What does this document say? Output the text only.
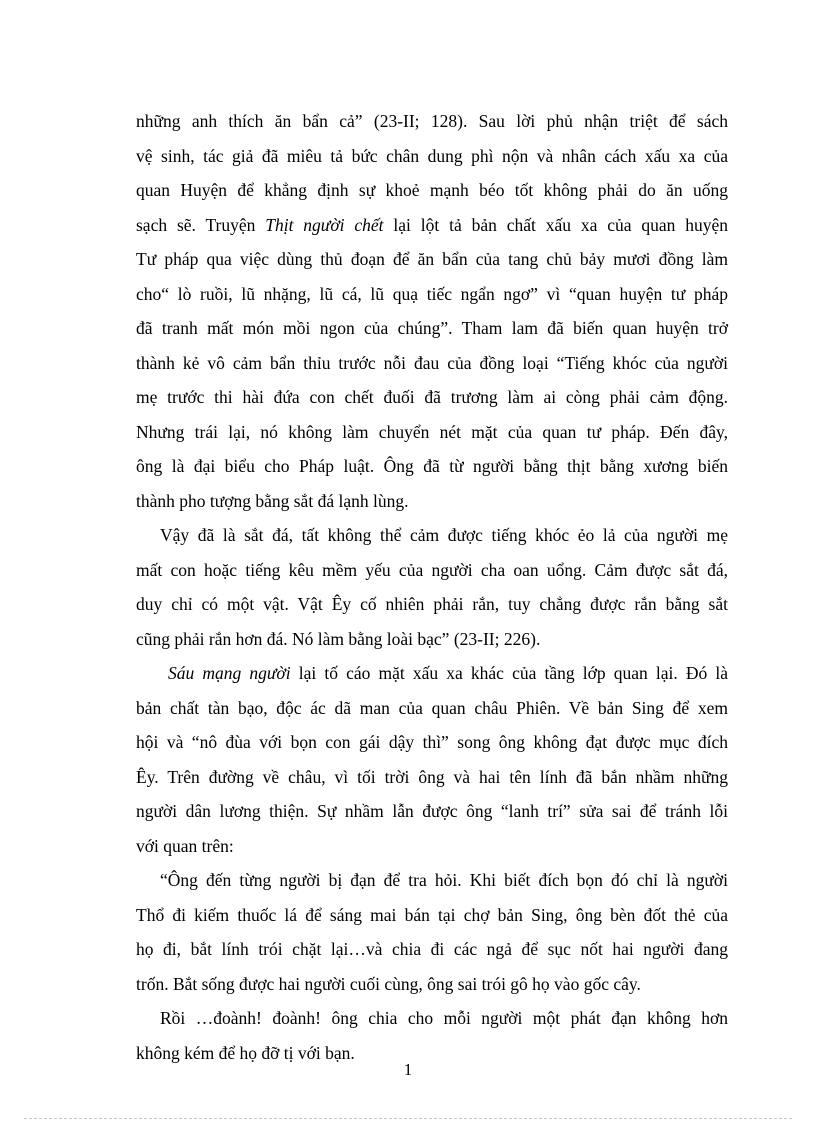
những anh thích ăn bẩn cả” (23-II; 128). Sau lời phủ nhận triệt để sách
vệ sinh, tác giả đã miêu tả bức chân dung phì nộn và nhân cách xấu xa của
quan Huyện để khẳng định sự khoẻ mạnh béo tốt không phải do ăn uống
sạch sẽ. Truyện Thịt người chết lại lột tả bản chất xấu xa của quan huyện
Tư pháp qua việc dùng thủ đoạn để ăn bẩn của tang chủ bảy mươi đồng làm
cho“ lò ruồi, lũ nhặng, lũ cá, lũ quạ tiếc ngẩn ngơ” vì “quan huyện tư pháp
đã tranh mất món mồi ngon của chúng”. Tham lam đã biến quan huyện trở
thành kẻ vô cảm bẩn thỉu trước nỗi đau của đồng loại “Tiếng khóc của người
mẹ trước thi hài đứa con chết đuối đã trương làm ai còng phải cảm động.
Nhưng trái lại, nó không làm chuyển nét mặt của quan tư pháp. Đến đây,
ông là đại biểu cho Pháp luật. Ông đã từ người bằng thịt bằng xương biến
thành pho tượng bằng sắt đá lạnh lùng.
Vậy đã là sắt đá, tất không thể cảm được tiếng khóc ẻo lả của người mẹ
mất con hoặc tiếng kêu mềm yếu của người cha oan uổng. Cảm được sắt đá,
duy chỉ có một vật. Vật Êy cố nhiên phải rắn, tuy chẳng được rắn bằng sắt
cũng phải rắn hơn đá. Nó làm bằng loài bạc” (23-II; 226).
Sáu mạng người lại tố cáo mặt xấu xa khác của tầng lớp quan lại. Đó là
bản chất tàn bạo, độc ác dã man của quan châu Phiên. Về bản Sing để xem
hội và “nô đùa với bọn con gái dậy thì” song ông không đạt được mục đích
Êy. Trên đường về châu, vì tối trời ông và hai tên lính đã bắn nhầm những
người dân lương thiện. Sự nhầm lẫn được ông “lanh trí” sửa sai để tránh lỗi
với quan trên:
“Ông đến từng người bị đạn để tra hỏi. Khi biết đích bọn đó chỉ là người
Thổ đi kiếm thuốc lá để sáng mai bán tại chợ bản Sing, ông bèn đốt thẻ của
họ đi, bắt lính trói chặt lại…và chia đi các ngả để sục nốt hai người đang
trốn. Bắt sống được hai người cuối cùng, ông sai trói gô họ vào gốc cây.
Rồi …đoành! đoành! ông chia cho mỗi người một phát đạn không hơn
không kém để họ đỡ tị với bạn.
1
